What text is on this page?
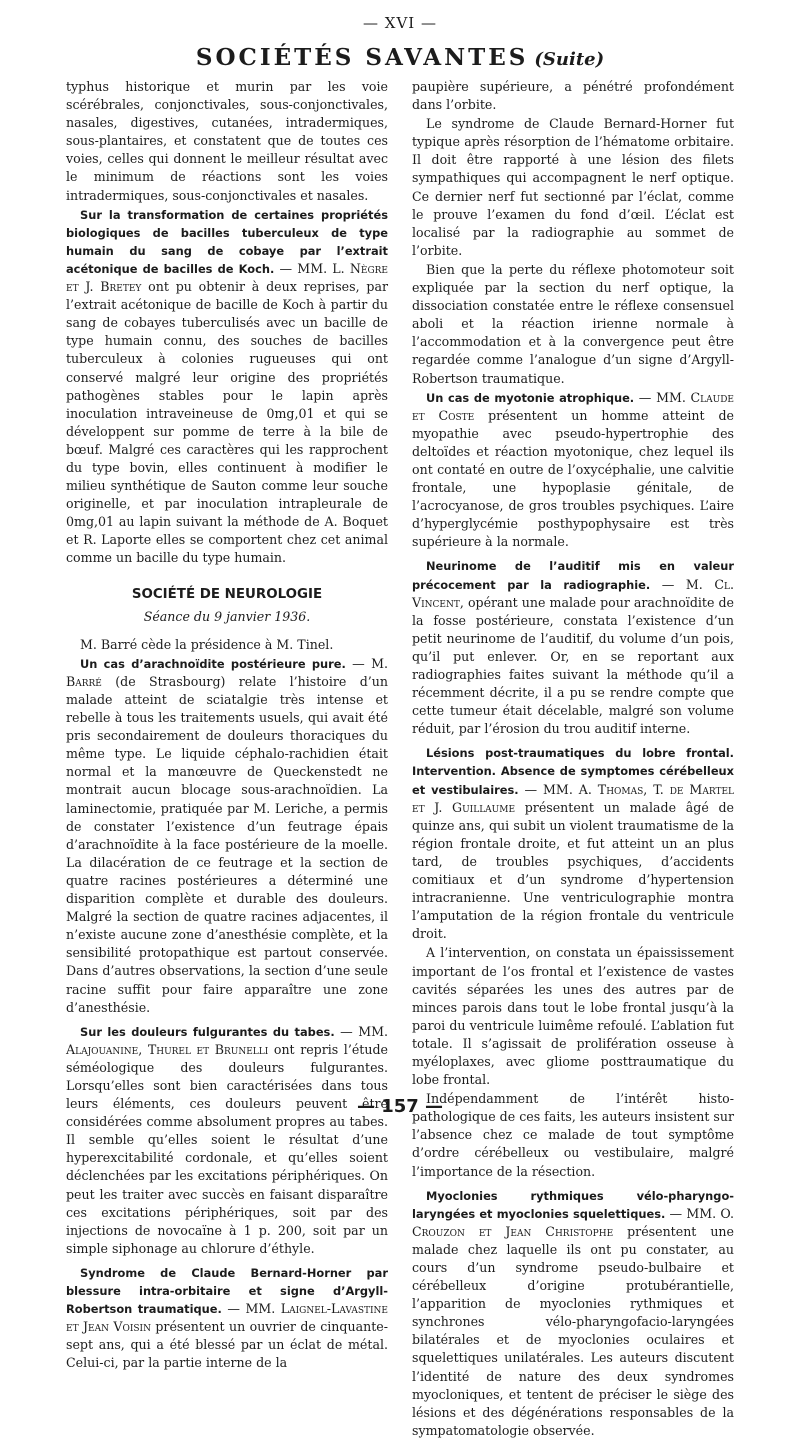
— XVI —
SOCIÉTÉS SAVANTES (Suite)

typhus historique et murin par les voie scérébrales, conjonctivales, sous-conjonctivales, nasales, digestives, cutanées, intradermiques, sous-plantaires, et constatent que de toutes ces voies, celles qui donnent le meilleur résultat avec le minimum de réactions sont les voies intradermiques, sous-conjonctivales et nasales.

Sur la transformation de certaines propriétés biologiques de bacilles tuberculeux de type humain du sang de cobaye par l’extrait acétonique de bacilles de Koch. — MM. L. Nègre et J. Bretey ont pu obtenir à deux reprises, par l’extrait acétonique de bacille de Koch à partir du sang de cobayes tuberculisés avec un bacille de type humain connu, des souches de bacilles tuberculeux à colonies rugueuses qui ont conservé malgré leur origine des propriétés pathogènes stables pour le lapin après inoculation intraveineuse de 0mg,01 et qui se développent sur pomme de terre à la bile de bœuf. Malgré ces caractères qui les rapprochent du type bovin, elles continuent à modifier le milieu synthétique de Sauton comme leur souche originelle, et par inoculation intrapleurale de 0mg,01 au lapin suivant la méthode de A. Boquet et R. Laporte elles se comportent chez cet animal comme un bacille du type humain.

SOCIÉTÉ DE NEUROLOGIE
Séance du 9 janvier 1936.

M. Barré cède la présidence à M. Tinel.

Un cas d’arachnoïdite postérieure pure. — M. Barré (de Strasbourg) relate l’histoire d’un malade atteint de sciatalgie très intense et rebelle à tous les traitements usuels, qui avait été pris secondairement de douleurs thoraciques du même type. Le liquide céphalo-rachidien était normal et la manœuvre de Queckenstedt ne montrait aucun blocage sous-arachnoïdien. La laminectomie, pratiquée par M. Leriche, a permis de constater l’existence d’un feutrage épais d’arachnoïdite à la face postérieure de la moelle. La dilacération de ce feutrage et la section de quatre racines postérieures a déterminé une disparition complète et durable des douleurs. Malgré la section de quatre racines adjacentes, il n’existe aucune zone d’anesthésie complète, et la sensibilité protopathique est partout conservée. Dans d’autres observations, la section d’une seule racine suffit pour faire apparaître une zone d’anesthésie.

Sur les douleurs fulgurantes du tabes. — MM. Alajouanine, Thurel et Brunelli ont repris l’étude séméologique des douleurs fulgurantes. Lorsqu’elles sont bien caractérisées dans tous leurs éléments, ces douleurs peuvent être considérées comme absolument propres au tabes. Il semble qu’elles soient le résultat d’une hyperexcitabilité cordonale, et qu’elles soient déclenchées par les excitations périphériques. On peut les traiter avec succès en faisant disparaître ces excitations périphériques, soit par des injections de novocaïne à 1 p. 200, soit par un simple siphonage au chlorure d’éthyle.

Syndrome de Claude Bernard-Horner par blessure intra-orbitaire et signe d’Argyll-Robertson traumatique. — MM. Laignel-Lavastine et Jean Voisin présentent un ouvrier de cinquante-sept ans, qui a été blessé par un éclat de métal. Celui-ci, par la partie interne de la

paupière supérieure, a pénétré profondément dans l’orbite.

Le syndrome de Claude Bernard-Horner fut typique après résorption de l’hématome orbitaire. Il doit être rapporté à une lésion des filets sympathiques qui accompagnent le nerf optique. Ce dernier nerf fut sectionné par l’éclat, comme le prouve l’examen du fond d’œil. L’éclat est localisé par la radiographie au sommet de l’orbite.

Bien que la perte du réflexe photomoteur soit expliquée par la section du nerf optique, la dissociation constatée entre le réflexe consensuel aboli et la réaction irienne normale à l’accommodation et à la convergence peut être regardée comme l’analogue d’un signe d’Argyll-Robertson traumatique.

Un cas de myotonie atrophique. — MM. Claude et Coste présentent un homme atteint de myopathie avec pseudo-hypertrophie des deltoïdes et réaction myotonique, chez lequel ils ont contaté en outre de l’oxycéphalie, une calvitie frontale, une hypoplasie génitale, de l’acrocyanose, de gros troubles psychiques. L’aire d’hyperglycémie posthypophysaire est très supérieure à la normale.

Neurinome de l’auditif mis en valeur précocement par la radiographie. — M. Cl. Vincent, opérant une malade pour arachnoïdite de la fosse postérieure, constata l’existence d’un petit neurinome de l’auditif, du volume d’un pois, qu’il put enlever. Or, en se reportant aux radiographies faites suivant la méthode qu’il a récemment décrite, il a pu se rendre compte que cette tumeur était décelable, malgré son volume réduit, par l’érosion du trou auditif interne.

Lésions post-traumatiques du lobre frontal. Intervention. Absence de symptomes cérébelleux et vestibulaires. — MM. A. Thomas, T. de Martel et J. Guillaume présentent un malade âgé de quinze ans, qui subit un violent traumatisme de la région frontale droite, et fut atteint un an plus tard, de troubles psychiques, d’accidents comitiaux et d’un syndrome d’hypertension intracranienne. Une ventriculographie montra l’amputation de la région frontale du ventricule droit.

A l’intervention, on constata un épaississement important de l’os frontal et l’existence de vastes cavités séparées les unes des autres par de minces parois dans tout le lobe frontal jusqu’à la paroi du ventricule luimême refoulé. L’ablation fut totale. Il s’agissait de prolifération osseuse à myéloplaxes, avec gliome posttraumatique du lobe frontal.

Indépendamment de l’intérêt histo-pathologique de ces faits, les auteurs insistent sur l’absence chez ce malade de tout symptôme d’ordre cérébelleux ou vestibulaire, malgré l’importance de la résection.

Myoclonies rythmiques vélo-pharyngo-laryngées et myoclonies squelettiques. — MM. O. Crouzon et Jean Christophe présentent une malade chez laquelle ils ont pu constater, au cours d’un syndrome pseudo-bulbaire et cérébelleux d’origine protubérantielle, l’apparition de myoclonies rythmiques et synchrones vélo-pharyngofacio-laryngées bilatérales et de myoclonies oculaires et squelettiques unilatérales. Les auteurs discutent l’identité de nature des deux syndromes myocloniques, et tentent de préciser le siège des lésions et des dégénérations responsables de la sympatomatologie observée.

— 157 —
